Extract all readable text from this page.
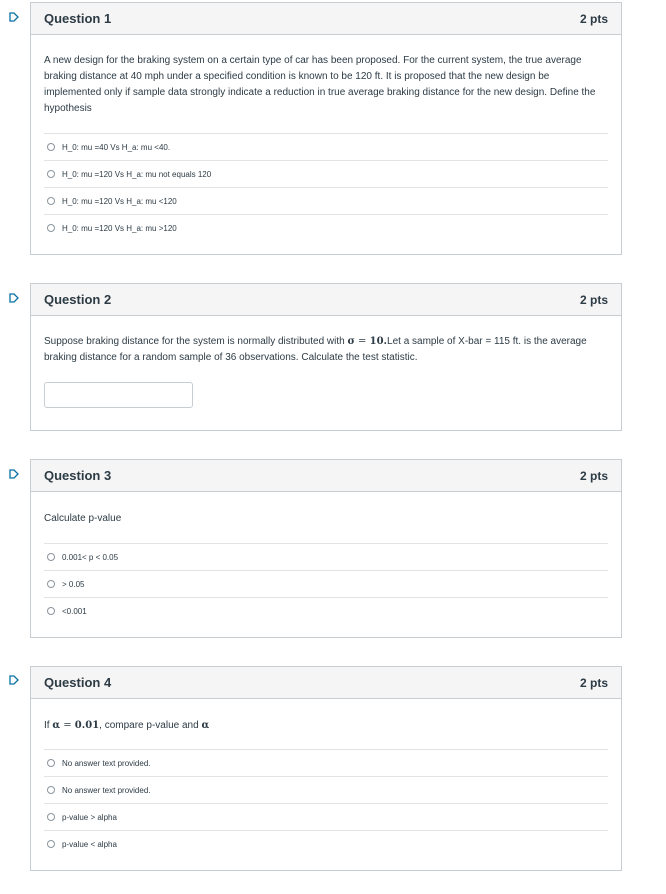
Question 1	2 pts
A new design for the braking system on a certain type of car has been proposed. For the current system, the true average braking distance at 40 mph under a specified condition is known to be 120 ft. It is proposed that the new design be implemented only if sample data strongly indicate a reduction in true average braking distance for the new design. Define the hypothesis
H_0: mu =40 Vs H_a: mu <40.
H_0: mu =120 Vs H_a: mu not equals 120
H_0: mu =120 Vs H_a: mu <120
H_0: mu =120 Vs H_a: mu >120
Question 2	2 pts
Suppose braking distance for the system is normally distributed with σ = 10.Let a sample of X-bar = 115 ft. is the average braking distance for a random sample of 36 observations. Calculate the test statistic.
Question 3	2 pts
Calculate p-value
0.001< p < 0.05
> 0.05
<0.001
Question 4	2 pts
If α = 0.01, compare p-value and α
No answer text provided.
No answer text provided.
p-value > alpha
p-value < alpha
